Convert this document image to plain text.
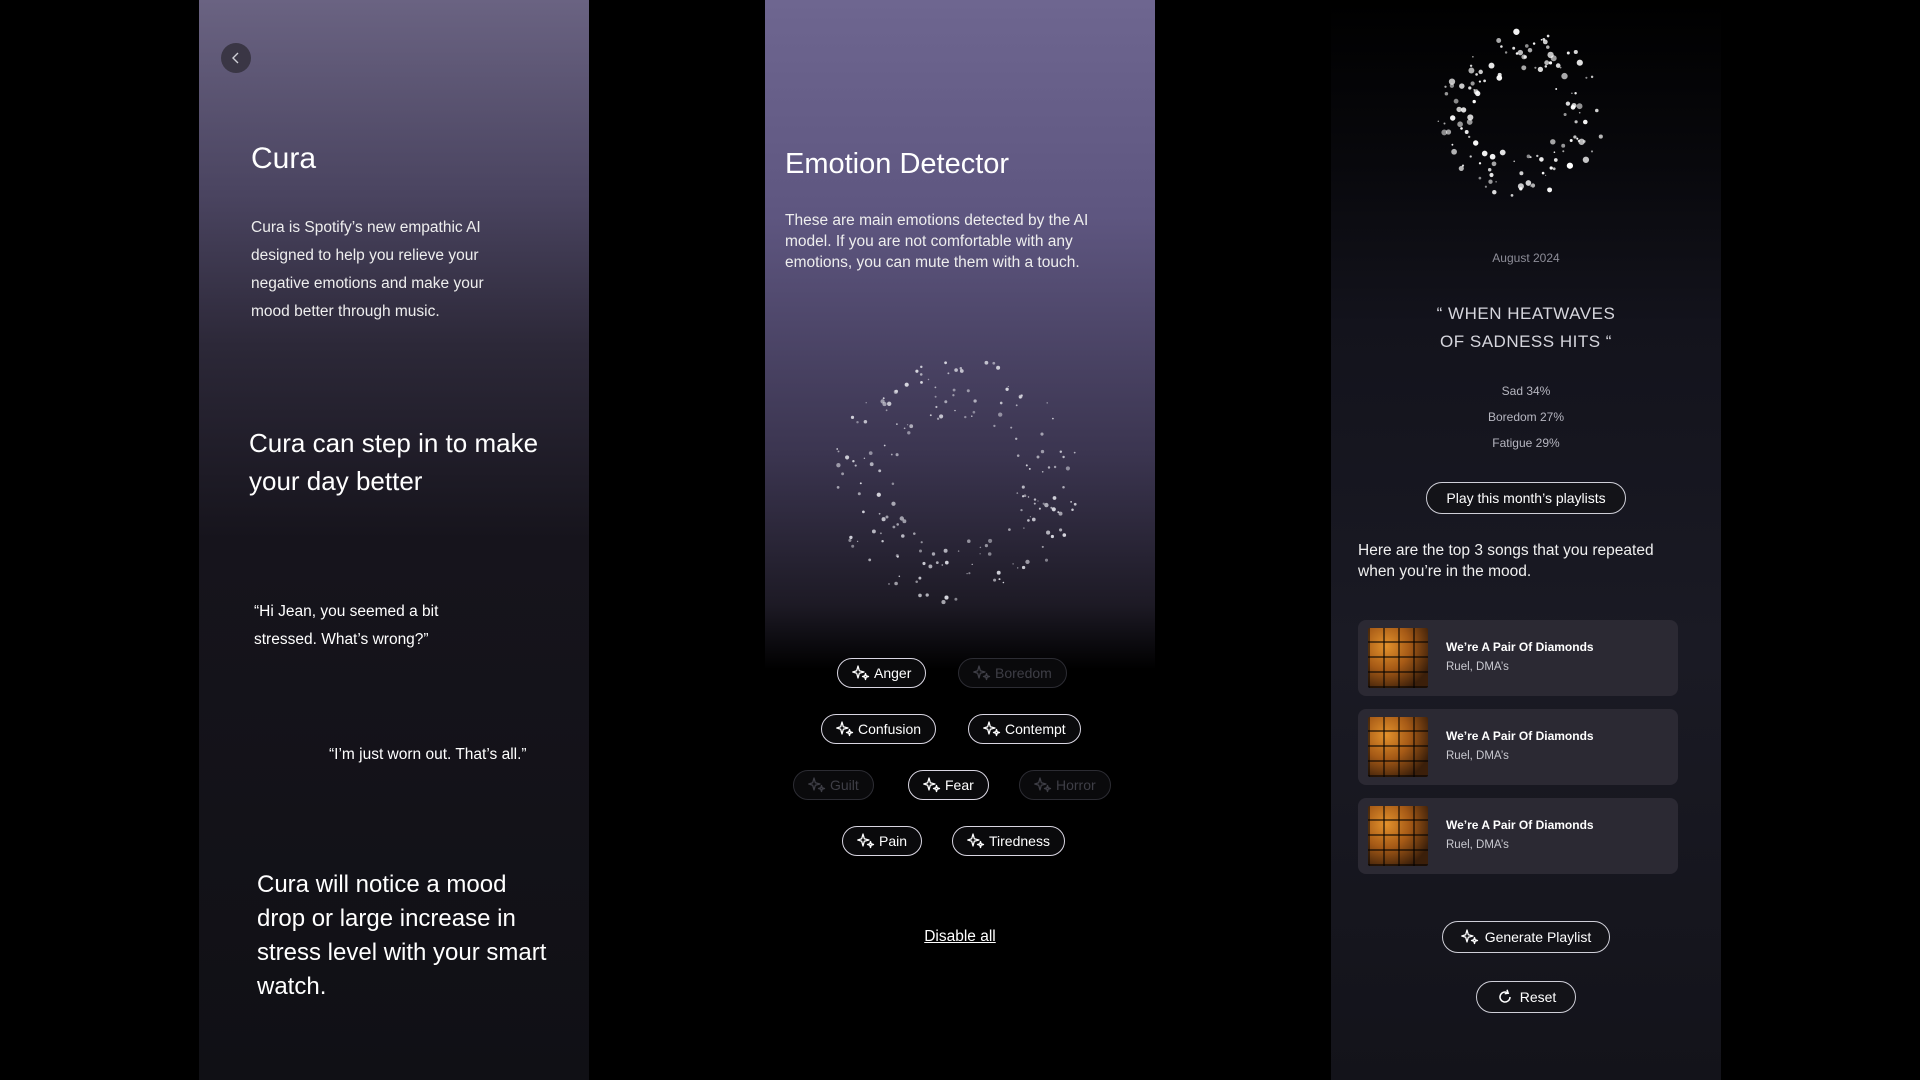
Cura
Cura is Spotify’s new empathic AI designed to help you relieve your negative emotions and make your mood better through music.
Cura can step in to make your day better
“Hi Jean, you seemed a bit stressed. What’s wrong?”
“I’m just worn out. That’s all.”
Cura will notice a mood drop or large increase in stress level with your smart watch.
Emotion Detector
These are main emotions detected by the AI model. If you are not comfortable with any emotions, you can mute them with a touch.
Anger	Boredom
Confusion	Contempt
Guilt	Fear	Horror
Pain	Tiredness
Disable all
August 2024
“ WHEN HEATWAVES
OF SADNESS HITS “
Sad 34%
Boredom 27%
Fatigue 29%
Play this month’s playlists
Here are the top 3 songs that you repeated when you’re in the mood.
We’re A Pair Of Diamonds
Ruel, DMA’s
We’re A Pair Of Diamonds
Ruel, DMA’s
We’re A Pair Of Diamonds
Ruel, DMA’s
Generate Playlist
Reset
